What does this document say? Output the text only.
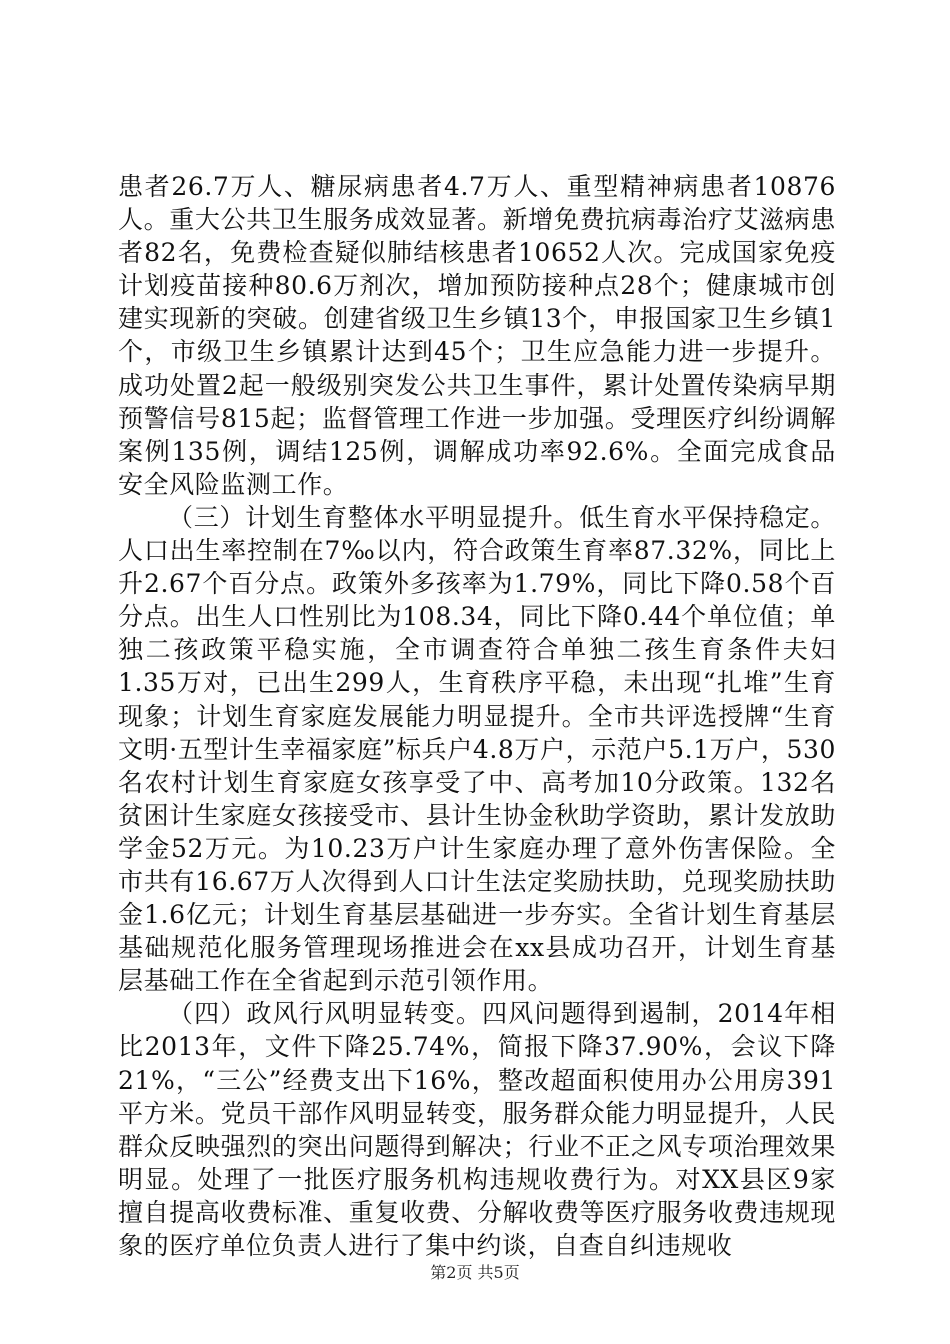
患者26.7万人、糖尿病患者4.7万人、重型精神病患者10876人。重大公共卫生服务成效显著。新增免费抗病毒治疗艾滋病患者82名，免费检查疑似肺结核患者10652人次。完成国家免疫计划疫苗接种80.6万剂次，增加预防接种点28个；健康城市创建实现新的突破。创建省级卫生乡镇13个，申报国家卫生乡镇1个，市级卫生乡镇累计达到45个；卫生应急能力进一步提升。成功处置2起一般级别突发公共卫生事件，累计处置传染病早期预警信号815起；监督管理工作进一步加强。受理医疗纠纷调解案例135例，调结125例，调解成功率92.6%。全面完成食品安全风险监测工作。

（三）计划生育整体水平明显提升。低生育水平保持稳定。人口出生率控制在7‰以内，符合政策生育率87.32%，同比上升2.67个百分点。政策外多孩率为1.79%，同比下降0.58个百分点。出生人口性别比为108.34，同比下降0.44个单位值；单独二孩政策平稳实施，全市调查符合单独二孩生育条件夫妇1.35万对，已出生299人，生育秩序平稳，未出现“扎堆”生育现象；计划生育家庭发展能力明显提升。全市共评选授牌“生育文明·五型计生幸福家庭”标兵户4.8万户，示范户5.1万户，530名农村计划生育家庭女孩享受了中、高考加10分政策。132名贫困计生家庭女孩接受市、县计生协金秋助学资助，累计发放助学金52万元。为10.23万户计生家庭办理了意外伤害保险。全市共有16.67万人次得到人口计生法定奖励扶助，兑现奖励扶助金1.6亿元；计划生育基层基础进一步夯实。全省计划生育基层基础规范化服务管理现场推进会在xx县成功召开，计划生育基层基础工作在全省起到示范引领作用。

（四）政风行风明显转变。四风问题得到遏制，2014年相比2013年，文件下降25.74%，简报下降37.90%，会议下降21%，“三公”经费支出下16%，整改超面积使用办公用房391平方米。党员干部作风明显转变，服务群众能力明显提升，人民群众反映强烈的突出问题得到解决；行业不正之风专项治理效果明显。处理了一批医疗服务机构违规收费行为。对XX县区9家擅自提高收费标准、重复收费、分解收费等医疗服务收费违规现象的医疗单位负责人进行了集中约谈，自查自纠违规收

第2页 共5页
